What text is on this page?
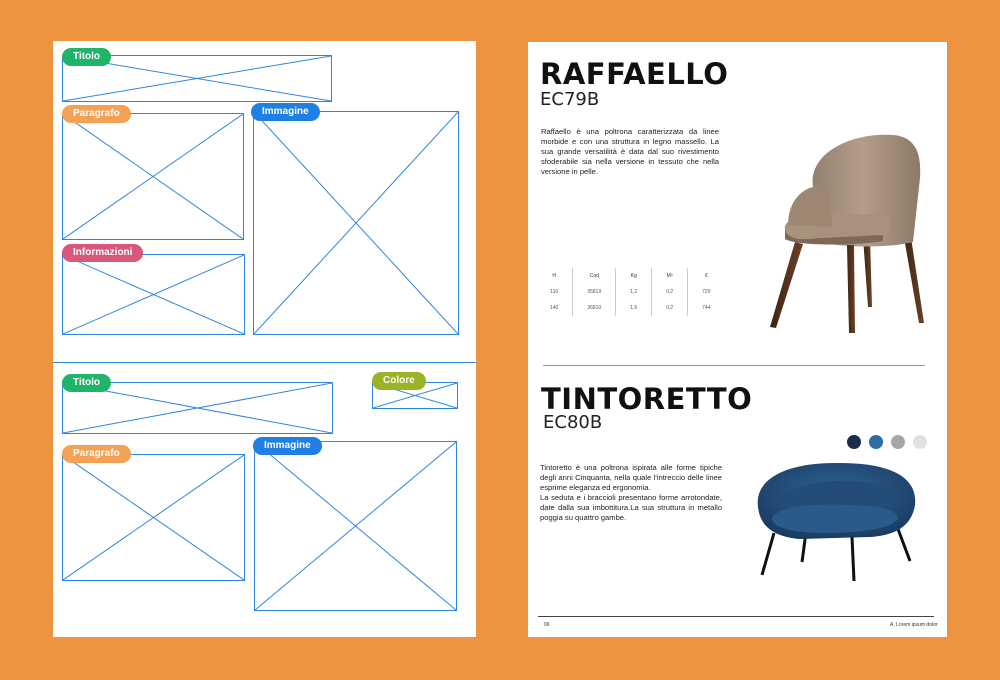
Titolo
Paragrafo	Immagine
Informazioni
Titolo	Colore
Paragrafo
Immagine
RAFFAELLO
EC79B

Raffaello è una poltrona caratterizzata da linee morbide e con una struttura in legno massello. La sua grande versatilità è data dal suo rivestimento sfoderabile sia nella versione in tessuto che nella versione in pelle.

H	Cod	Kg	M³	€
110	35819	1,2	0,2	729
140	36810	1,6	0,2	744
TINTORETTO
EC80B

Tintoretto è una poltrona ispirata alle forme tipiche degli anni Cinquanta, nella quale l'intreccio delle linee esprime eleganza ed ergonomia.

La seduta e i braccioli presentano forme arrotondate, date dalla sua imbottitura.La sua struttura in metallo poggia su quattro gambe.

06	A. Lorem ipsum dolor
